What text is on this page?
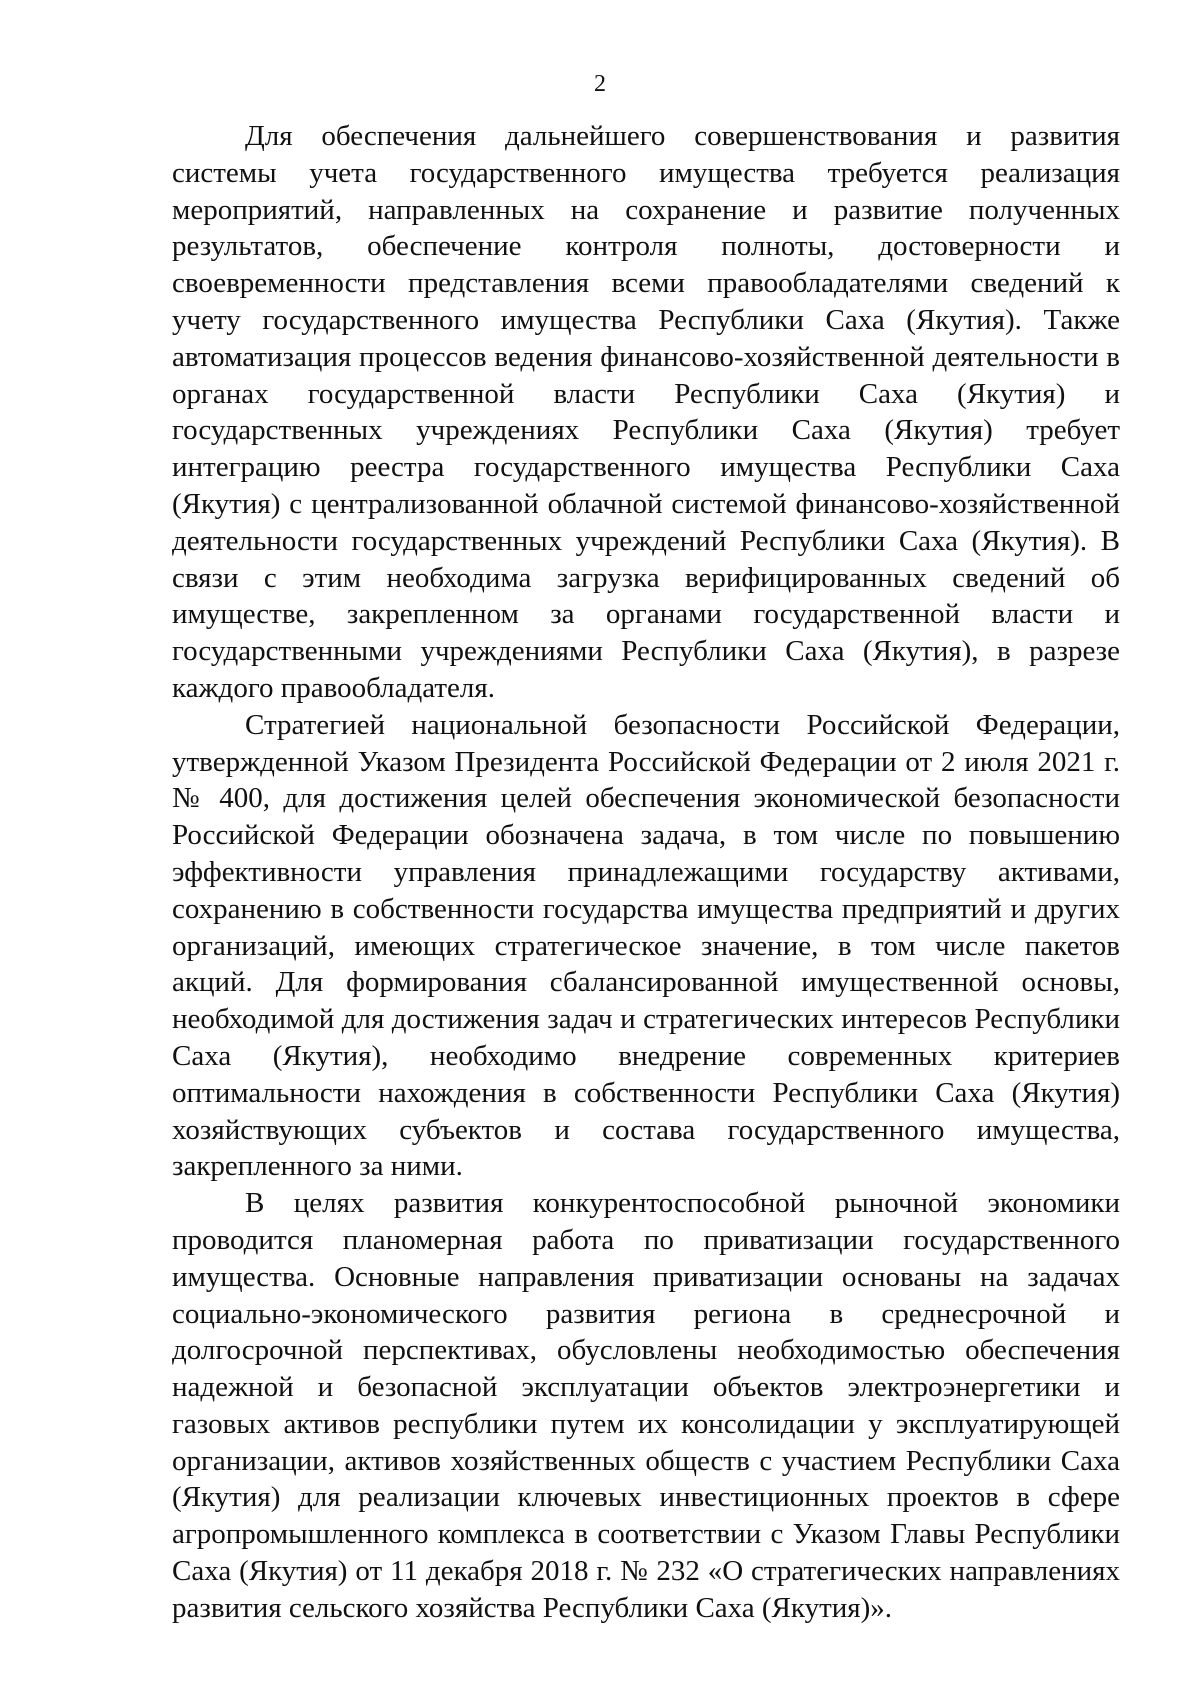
2

Для обеспечения дальнейшего совершенствования и развития системы учета государственного имущества требуется реализация мероприятий, направленных на сохранение и развитие полученных результатов, обеспечение контроля полноты, достоверности и своевременности представления всеми правообладателями сведений к учету государственного имущества Республики Саха (Якутия). Также автоматизация процессов ведения финансово-хозяйственной деятельности в органах государственной власти Республики Саха (Якутия) и государственных учреждениях Республики Саха (Якутия) требует интеграцию реестра государственного имущества Республики Саха (Якутия) с централизованной облачной системой финансово-хозяйственной деятельности государственных учреждений Республики Саха (Якутия). В связи с этим необходима загрузка верифицированных сведений об имуществе, закрепленном за органами государственной власти и государственными учреждениями Республики Саха (Якутия), в разрезе каждого правообладателя.

Стратегией национальной безопасности Российской Федерации, утвержденной Указом Президента Российской Федерации от 2 июля 2021 г. № 400, для достижения целей обеспечения экономической безопасности Российской Федерации обозначена задача, в том числе по повышению эффективности управления принадлежащими государству активами, сохранению в собственности государства имущества предприятий и других организаций, имеющих стратегическое значение, в том числе пакетов акций. Для формирования сбалансированной имущественной основы, необходимой для достижения задач и стратегических интересов Республики Саха (Якутия), необходимо внедрение современных критериев оптимальности нахождения в собственности Республики Саха (Якутия) хозяйствующих субъектов и состава государственного имущества, закрепленного за ними.

В целях развития конкурентоспособной рыночной экономики проводится планомерная работа по приватизации государственного имущества. Основные направления приватизации основаны на задачах социально-экономического развития региона в среднесрочной и долгосрочной перспективах, обусловлены необходимостью обеспечения надежной и безопасной эксплуатации объектов электроэнергетики и газовых активов республики путем их консолидации у эксплуатирующей организации, активов хозяйственных обществ с участием Республики Саха (Якутия) для реализации ключевых инвестиционных проектов в сфере агропромышленного комплекса в соответствии с Указом Главы Республики Саха (Якутия) от 11 декабря 2018 г. № 232 «О стратегических направлениях развития сельского хозяйства Республики Саха (Якутия)».
